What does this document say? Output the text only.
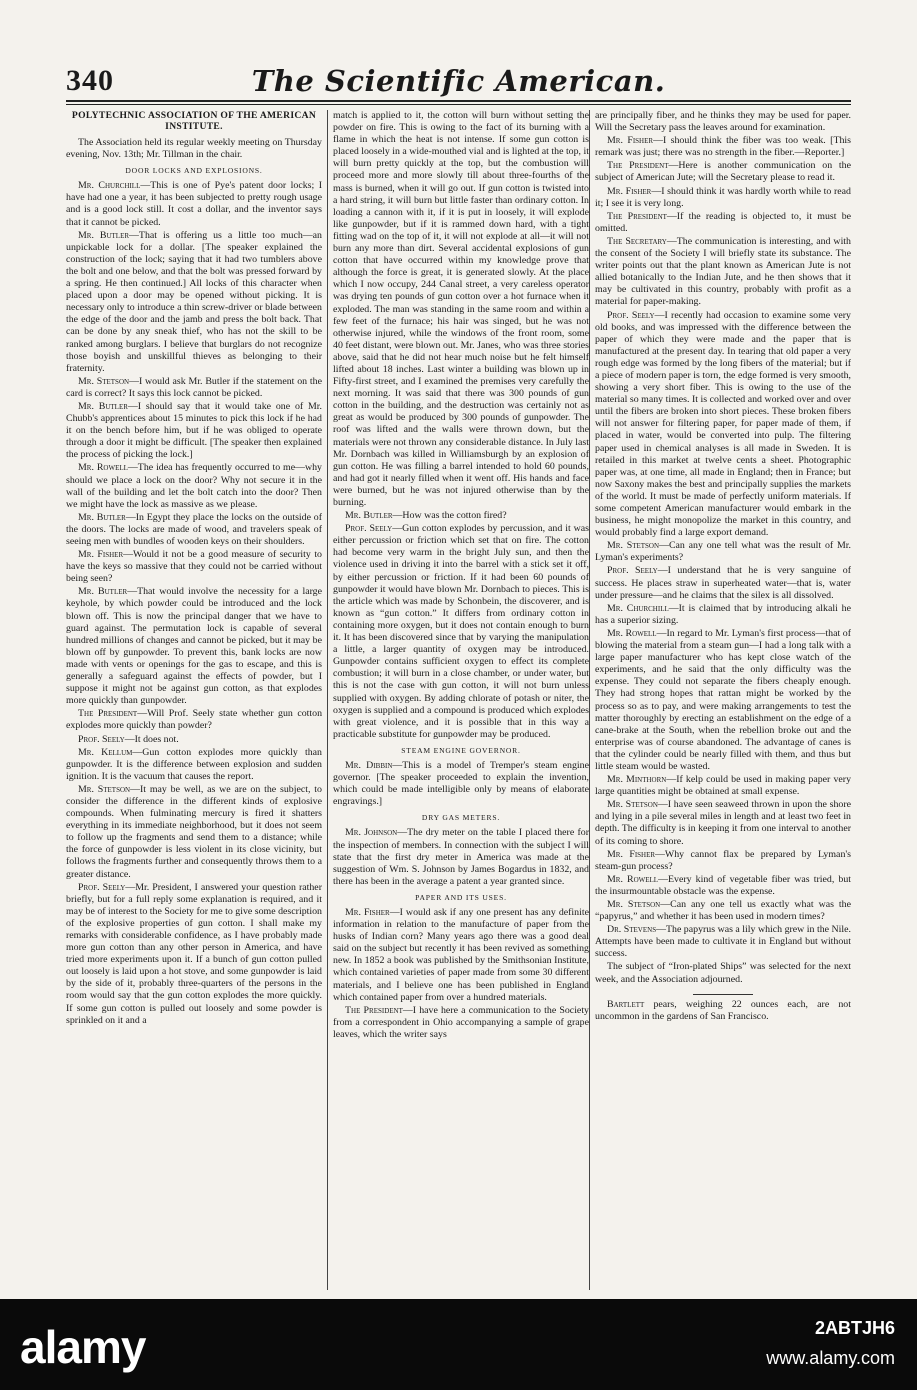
340	The Scientific American.
POLYTECHNIC ASSOCIATION OF THE AMERICAN INSTITUTE.

The Association held its regular weekly meeting on Thursday evening, Nov. 13th; Mr. Tillman in the chair.

DOOR LOCKS AND EXPLOSIONS.

Mr. Churchill—This is one of Pye's patent door locks; I have had one a year, it has been subjected to pretty rough usage and is a good lock still. It cost a dollar, and the inventor says that it cannot be picked.

Mr. Butler—That is offering us a little too much—an unpickable lock for a dollar. [The speaker explained the construction of the lock; saying that it had two tumblers above the bolt and one below, and that the bolt was pressed forward by a spring. He then continued.] All locks of this character when placed upon a door may be opened without picking. It is necessary only to introduce a thin screw-driver or blade between the edge of the door and the jamb and press the bolt back. That can be done by any sneak thief, who has not the skill to be ranked among burglars. I believe that burglars do not recognize those boyish and unskillful thieves as belonging to their fraternity.

Mr. Stetson—I would ask Mr. Butler if the statement on the card is correct? It says this lock cannot be picked.

Mr. Butler—I should say that it would take one of Mr. Chubb's apprentices about 15 minutes to pick this lock if he had it on the bench before him, but if he was obliged to operate through a door it might be difficult. [The speaker then explained the process of picking the lock.]

Mr. Rowell—The idea has frequently occurred to me—why should we place a lock on the door? Why not secure it in the wall of the building and let the bolt catch into the door? Then we might have the lock as massive as we please.

Mr. Butler—In Egypt they place the locks on the outside of the doors. The locks are made of wood, and travelers speak of seeing men with bundles of wooden keys on their shoulders.

Mr. Fisher—Would it not be a good measure of security to have the keys so massive that they could not be carried without being seen?

Mr. Butler—That would involve the necessity for a large keyhole, by which powder could be introduced and the lock blown off. This is now the principal danger that we have to guard against. The permutation lock is capable of several hundred millions of changes and cannot be picked, but it may be blown off by gunpowder. To prevent this, bank locks are now made with vents or openings for the gas to escape, and this is generally a safeguard against the effects of powder, but I suppose it might not be against gun cotton, as that explodes more quickly than gunpowder.

The President—Will Prof. Seely state whether gun cotton explodes more quickly than powder?

Prof. Seely—It does not.

Mr. Kellum—Gun cotton explodes more quickly than gunpowder. It is the difference between explosion and sudden ignition. It is the vacuum that causes the report.

Mr. Stetson—It may be well, as we are on the subject, to consider the difference in the different kinds of explosive compounds. When fulminating mercury is fired it shatters everything in its immediate neighborhood, but it does not seem to follow up the fragments and send them to a distance; while the force of gunpowder is less violent in its close vicinity, but follows the fragments further and consequently throws them to a greater distance.

Prof. Seely—Mr. President, I answered your question rather briefly, but for a full reply some explanation is required, and it may be of interest to the Society for me to give some description of the explosive properties of gun cotton. I shall make my remarks with considerable confidence, as I have probably made more gun cotton than any other person in America, and have tried more experiments upon it. If a bunch of gun cotton pulled out loosely is laid upon a hot stove, and some gunpowder is laid by the side of it, probably three-quarters of the persons in the room would say that the gun cotton explodes the more quickly. If some gun cotton is pulled out loosely and some powder is sprinkled on it and a

match is applied to it, the cotton will burn without setting the powder on fire. This is owing to the fact of its burning with a flame in which the heat is not intense. If some gun cotton is placed loosely in a wide-mouthed vial and is lighted at the top, it will burn pretty quickly at the top, but the combustion will proceed more and more slowly till about three-fourths of the mass is burned, when it will go out. If gun cotton is twisted into a hard string, it will burn but little faster than ordinary cotton. In loading a cannon with it, if it is put in loosely, it will explode like gunpowder, but if it is rammed down hard, with a tight fitting wad on the top of it, it will not explode at all—it will not burn any more than dirt. Several accidental explosions of gun cotton that have occurred within my knowledge prove that although the force is great, it is generated slowly. At the place which I now occupy, 244 Canal street, a very careless operator was drying ten pounds of gun cotton over a hot furnace when it exploded. The man was standing in the same room and within a few feet of the furnace; his hair was singed, but he was not otherwise injured, while the windows of the front room, some 40 feet distant, were blown out. Mr. Janes, who was three stories above, said that he did not hear much noise but he felt himself lifted about 18 inches. Last winter a building was blown up in Fifty-first street, and I examined the premises very carefully the next morning. It was said that there was 300 pounds of gun cotton in the building, and the destruction was certainly not as great as would be produced by 300 pounds of gunpowder. The roof was lifted and the walls were thrown down, but the materials were not thrown any considerable distance. In July last Mr. Dornbach was killed in Williamsburgh by an explosion of gun cotton. He was filling a barrel intended to hold 60 pounds, and had got it nearly filled when it went off. His hands and face were burned, but he was not injured otherwise than by the burning.

Mr. Butler—How was the cotton fired?

Prof. Seely—Gun cotton explodes by percussion, and it was either percussion or friction which set that on fire. The cotton had become very warm in the bright July sun, and then the violence used in driving it into the barrel with a stick set it off, by either percussion or friction. If it had been 60 pounds of gunpowder it would have blown Mr. Dornbach to pieces. This is the article which was made by Schonbein, the discoverer, and is known as “gun cotton.” It differs from ordinary cotton in containing more oxygen, but it does not contain enough to burn it. It has been discovered since that by varying the manipulation a little, a larger quantity of oxygen may be introduced. Gunpowder contains sufficient oxygen to effect its complete combustion; it will burn in a close chamber, or under water, but this is not the case with gun cotton, it will not burn unless supplied with oxygen. By adding chlorate of potash or niter, the oxygen is supplied and a compound is produced which explodes with great violence, and it is possible that in this way a practicable substitute for gunpowder may be produced.

STEAM ENGINE GOVERNOR.

Mr. Dibbin—This is a model of Tremper's steam engine governor. [The speaker proceeded to explain the invention, which could be made intelligible only by means of elaborate engravings.]

DRY GAS METERS.

Mr. Johnson—The dry meter on the table I placed there for the inspection of members. In connection with the subject I will state that the first dry meter in America was made at the suggestion of Wm. S. Johnson by James Bogardus in 1832, and there has been in the average a patent a year granted since.

PAPER AND ITS USES.

Mr. Fisher—I would ask if any one present has any definite information in relation to the manufacture of paper from the husks of Indian corn? Many years ago there was a good deal said on the subject but recently it has been revived as something new. In 1852 a book was published by the Smithsonian Institute, which contained varieties of paper made from some 30 different materials, and I believe one has been published in England which contained paper from over a hundred materials.

The President—I have here a communication to the Society from a correspondent in Ohio accompanying a sample of grape leaves, which the writer says

are principally fiber, and he thinks they may be used for paper. Will the Secretary pass the leaves around for examination.

Mr. Fisher—I should think the fiber was too weak. [This remark was just; there was no strength in the fiber.—Reporter.]

The President—Here is another communication on the subject of American Jute; will the Secretary please to read it.

Mr. Fisher—I should think it was hardly worth while to read it; I see it is very long.

The President—If the reading is objected to, it must be omitted.

The Secretary—The communication is interesting, and with the consent of the Society I will briefly state its substance. The writer points out that the plant known as American Jute is not allied botanically to the Indian Jute, and he then shows that it may be cultivated in this country, probably with profit as a material for paper-making.

Prof. Seely—I recently had occasion to examine some very old books, and was impressed with the difference between the paper of which they were made and the paper that is manufactured at the present day. In tearing that old paper a very rough edge was formed by the long fibers of the material; but if a piece of modern paper is torn, the edge formed is very smooth, showing a very short fiber. This is owing to the use of the material so many times. It is collected and worked over and over until the fibers are broken into short pieces. These broken fibers will not answer for filtering paper, for paper made of them, if placed in water, would be converted into pulp. The filtering paper used in chemical analyses is all made in Sweden. It is retailed in this market at twelve cents a sheet. Photographic paper was, at one time, all made in England; then in France; but now Saxony makes the best and principally supplies the markets of the world. It must be made of perfectly uniform materials. If some competent American manufacturer would embark in the business, he might monopolize the market in this country, and would probably find a large export demand.

Mr. Stetson—Can any one tell what was the result of Mr. Lyman's experiments?

Prof. Seely—I understand that he is very sanguine of success. He places straw in superheated water—that is, water under pressure—and he claims that the silex is all dissolved.

Mr. Churchill—It is claimed that by introducing alkali he has a superior sizing.

Mr. Rowell—In regard to Mr. Lyman's first process—that of blowing the material from a steam gun—I had a long talk with a large paper manufacturer who has kept close watch of the experiments, and he said that the only difficulty was the expense. They could not separate the fibers cheaply enough. They had strong hopes that rattan might be worked by the process so as to pay, and were making arrangements to test the matter thoroughly by erecting an establishment on the edge of a cane-brake at the South, when the rebellion broke out and the enterprise was of course abandoned. The advantage of canes is that the cylinder could be nearly filled with them, and thus but little steam would be wasted.

Mr. Minthorn—If kelp could be used in making paper very large quantities might be obtained at small expense.

Mr. Stetson—I have seen seaweed thrown in upon the shore and lying in a pile several miles in length and at least two feet in depth. The difficulty is in keeping it from one interval to another of its coming to shore.

Mr. Fisher—Why cannot flax be prepared by Lyman's steam-gun process?

Mr. Rowell—Every kind of vegetable fiber was tried, but the insurmountable obstacle was the expense.

Mr. Stetson—Can any one tell us exactly what was the “papyrus,” and whether it has been used in modern times?

Dr. Stevens—The papyrus was a lily which grew in the Nile. Attempts have been made to cultivate it in England but without success.

The subject of “Iron-plated Ships” was selected for the next week, and the Association adjourned.

Bartlett pears, weighing 22 ounces each, are not uncommon in the gardens of San Francisco.

alamy	2ABTJH6
www.alamy.com
